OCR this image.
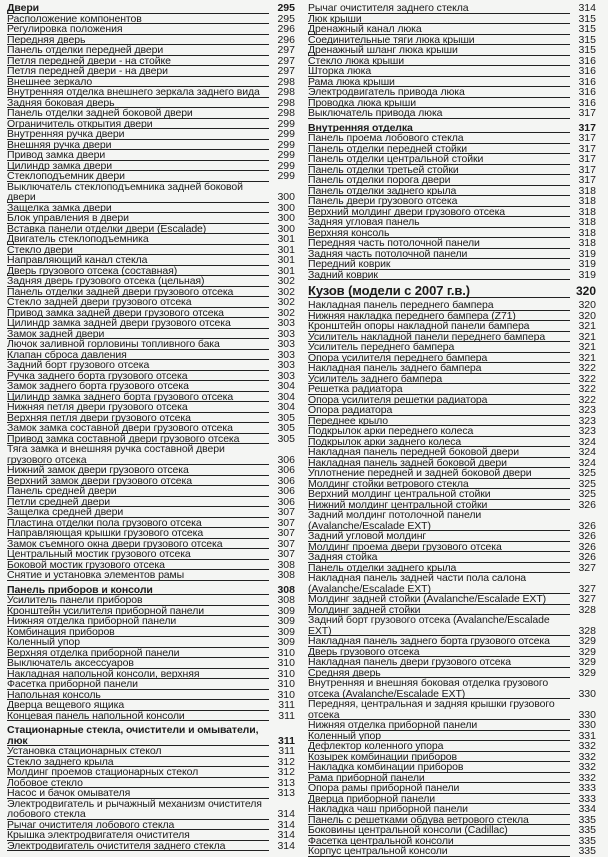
Двери	295
Расположение компонентов	295
Регулировка положения	296
Передняя дверь	296
Панель отделки передней двери	297
Петля передней двери - на стойке	297
Петля передней двери - на двери	297
Внешнее зеркало	298
Внутренняя отделка внешнего зеркала заднего вида	298
Задняя боковая дверь	298
Панель отделки задней боковой двери	298
Ограничитель открытия двери	299
Внутренняя ручка двери	299
Внешняя ручка двери	299
Привод замка двери	299
Цилиндр замка двери	299
Стеклоподъемник двери	299
Выключатель стеклоподъемника задней боковой двери	300
Защелка замка двери	300
Блок управления в двери	300
Вставка панели отделки двери (Escalade)	300
Двигатель стеклоподъемника	301
Стекло двери	301
Направляющий канал стекла	301
Дверь грузового отсека (составная)	301
Задняя дверь грузового отсека (цельная)	302
Панель отделки задней двери грузового отсека	302
Стекло задней двери грузового отсека	302
Привод замка задней двери грузового отсека	302
Цилиндр замка задней двери грузового отсека	303
Замок задней двери	303
Лючок заливной горловины топливного бака	303
Клапан сброса давления	303
Задний борт грузового отсека	303
Ручка заднего борта грузового отсека	303
Замок заднего борта грузового отсека	304
Цилиндр замка заднего борта грузового отсека	304
Нижняя петля двери грузового отсека	304
Верхняя петля двери грузового отсека	305
Замок замка составной двери грузового отсека	305
Привод замка составной двери грузового отсека	305
Тяга замка и внешняя ручка составной двери грузового отсека	306
Нижний замок двери грузового отсека	306
Верхний замок двери грузового отсека	306
Панель средней двери	306
Петли средней двери	306
Защелка средней двери	307
Пластина отделки пола грузового отсека	307
Направляющая крышки грузового отсека	307
Замок съемного окна двери грузового отсека	307
Центральный мостик грузового отсека	307
Боковой мостик грузового отсека	308
Снятие и установка элементов рамы	308
Панель приборов и консоли	308
Усилитель панели приборов	308
Кронштейн усилителя приборной панели	309
Нижняя отделка приборной панели	309
Комбинация приборов	309
Коленный упор	309
Верхняя отделка приборной панели	310
Выключатель аксессуаров	310
Накладная напольной консоли, верхняя	310
Фасетка приборной панели	310
Напольная консоль	310
Дверца вещевого ящика	311
Концевая панель напольной консоли	311
Стационарные стекла, очистители и омыватели, люк	311
Установка стационарных стекол	311
Стекло заднего крыла	312
Молдинг проемов стационарных стекол	312
Лобовое стекло	313
Насос и бачок омывателя	313
Электродвигатель и рычажный механизм очистителя лобового стекла	314
Рычаг очистителя лобового стекла	314
Крышка электродвигателя очистителя	314
Электродвигатель очистителя заднего стекла	314
Рычаг очистителя заднего стекла	314
Люк крыши	315
Дренажный канал люка	315
Соединительные тяги люка крыши	315
Дренажный шланг люка крыши	315
Стекло люка крыши	316
Шторка люка	316
Рама люка крыши	316
Электродвигатель привода люка	316
Проводка люка крыши	316
Выключатель привода люка	317
Внутренняя отделка	317
Панель проема лобового стекла	317
Панель отделки передней стойки	317
Панель отделки центральной стойки	317
Панель отделки третьей стойки	317
Панель отделки порога двери	317
Панель отделки заднего крыла	318
Панель двери грузового отсека	318
Верхний молдинг двери грузового отсека	318
Задняя угловая панель	318
Верхняя консоль	318
Передняя часть потолочной панели	318
Задняя часть потолочной панели	319
Передний коврик	319
Задний коврик	319
Кузов (модели с 2007 г.в.)	320
Накладная панель переднего бампера	320
Нижняя накладка переднего бампера (Z71)	320
Кронштейн опоры накладной панели бампера	321
Усилитель накладной панели переднего бампера	321
Усилитель переднего бампера	321
Опора усилителя переднего бампера	321
Накладная панель заднего бампера	322
Усилитель заднего бампера	322
Решетка радиатора	322
Опора усилителя решетки радиатора	322
Опора радиатора	323
Переднее крыло	323
Подкрылок арки переднего колеса	323
Подкрылок арки заднего колеса	324
Накладная панель передней боковой двери	324
Накладная панель задней боковой двери	324
Уплотнение передней и задней боковой двери	325
Молдинг стойки ветрового стекла	325
Верхний молдинг центральной стойки	325
Нижний молдинг центральной стойки	326
Задний молдинг потолочной панели (Avalanche/Escalade EXT)	326
Задний угловой молдинг	326
Молдинг проема двери грузового отсека	326
Задняя стойка	326
Панель отделки заднего крыла	327
Накладная панель задней части пола салона (Avalanche/Escalade EXT)	327
Молдинг задней стойки (Avalanche/Escalade EXT)	327
Молдинг задней стойки	328
Задний борт грузового отсека (Avalanche/Escalade EXT)	328
Накладная панель заднего борта грузового отсека	329
Дверь грузового отсека	329
Накладная панель двери грузового отсека	329
Средняя дверь	329
Внутренняя и внешняя боковая отделка грузового отсека (Avalanche/Escalade EXT)	330
Передняя, центральная и задняя крышки грузового отсека	330
Нижняя отделка приборной панели	330
Коленный упор	331
Дефлектор коленного упора	332
Козырек комбинации приборов	332
Накладка комбинации приборов	332
Рама приборной панели	332
Опора рамы приборной панели	333
Дверца приборной панели	333
Накладка чаш приборной панели	334
Панель с решетками обдува ветрового стекла	335
Боковины центральной консоли (Cadillac)	335
Фасетка центральной консоли	335
Корпус центральной консоли	335
